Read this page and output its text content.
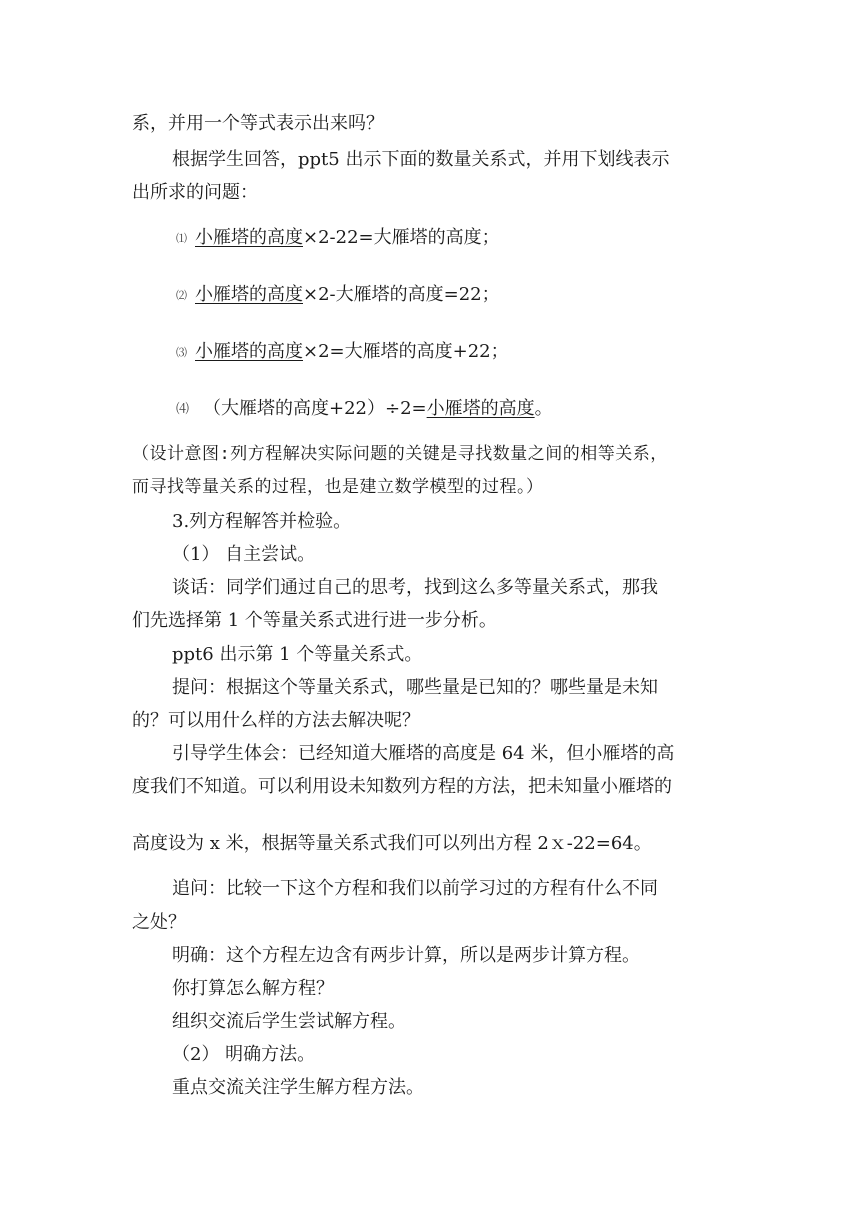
系，并用一个等式表示出来吗？
根据学生回答，ppt5 出示下面的数量关系式，并用下划线表示
出所求的问题：
⑴ 小雁塔的高度×2-22=大雁塔的高度；
⑵ 小雁塔的高度×2-大雁塔的高度=22；
⑶ 小雁塔的高度×2=大雁塔的高度+22；
⑷ （大雁塔的高度+22）÷2=小雁塔的高度。
（设计意图:列方程解决实际问题的关键是寻找数量之间的相等关系，
而寻找等量关系的过程，也是建立数学模型的过程。）
3.列方程解答并检验。
（1） 自主尝试。
谈话：同学们通过自己的思考，找到这么多等量关系式，那我
们先选择第 1 个等量关系式进行进一步分析。
ppt6 出示第 1 个等量关系式。
提问：根据这个等量关系式，哪些量是已知的？哪些量是未知
的？可以用什么样的方法去解决呢？
引导学生体会：已经知道大雁塔的高度是 64 米，但小雁塔的高
度我们不知道。可以利用设未知数列方程的方法，把未知量小雁塔的
高度设为 x 米，根据等量关系式我们可以列出方程 2ｘ-22=64。
追问：比较一下这个方程和我们以前学习过的方程有什么不同
之处？
明确：这个方程左边含有两步计算，所以是两步计算方程。
你打算怎么解方程？
组织交流后学生尝试解方程。
（2） 明确方法。
重点交流关注学生解方程方法。
